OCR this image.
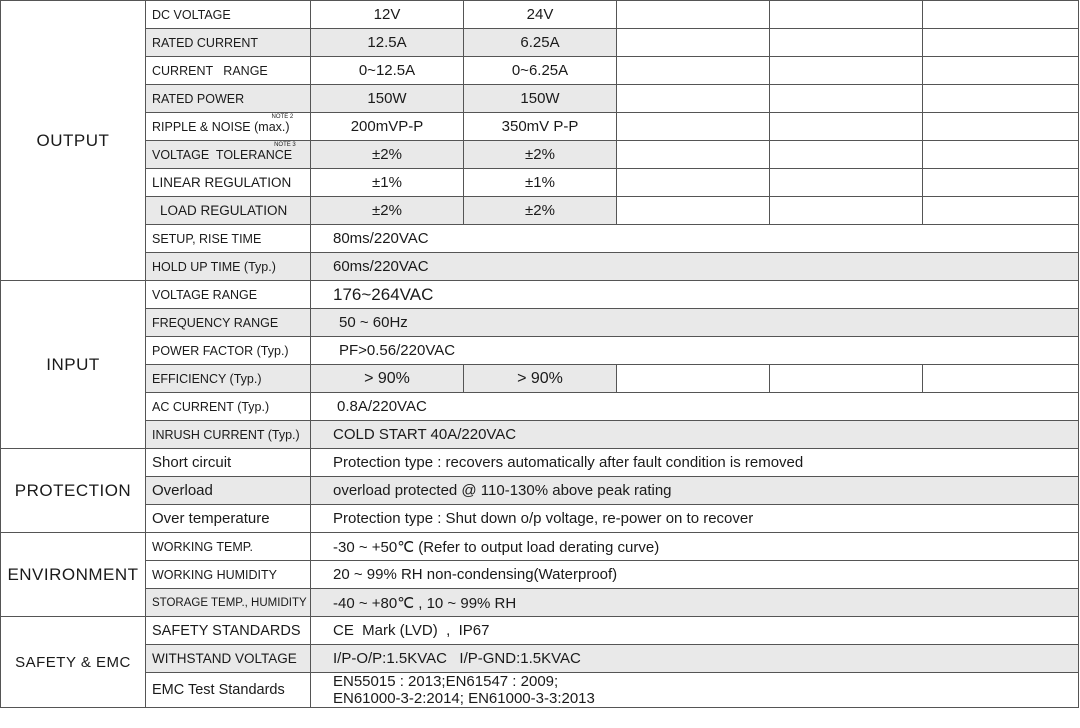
OUTPUT	DC VOLTAGE	12V	24V			
	RATED CURRENT	12.5A	6.25A			
	CURRENT   RANGE	0~12.5A	0~6.25A			
	RATED POWER	150W	150W			
	RIPPLE & NOISE (max.)$^{NOTE 2}$	200mVP-P	350mV P-P			
	VOLTAGE  TOLERANCE$^{NOTE 3}$	±2%	±2%			
	LINEAR REGULATION	±1%	±1%			
	LOAD REGULATION	±2%	±2%			
	SETUP, RISE TIME	80ms/220VAC				
	HOLD UP TIME (Typ.)	60ms/220VAC				
INPUT	VOLTAGE RANGE	176~264VAC				
	FREQUENCY RANGE	50 ~ 60Hz				
	POWER FACTOR (Typ.)	PF>0.56/220VAC				
	EFFICIENCY (Typ.)	> 90%	> 90%			
	AC CURRENT (Typ.)	0.8A/220VAC				
	INRUSH CURRENT (Typ.)	COLD START 40A/220VAC				
PROTECTION	Short circuit	Protection type : recovers automatically after fault condition is removed				
	Overload	overload protected @ 110-130% above peak rating				
	Over temperature	Protection type : Shut down o/p voltage, re-power on to recover				
ENVIRONMENT	WORKING TEMP.	-30 ~ +50℃ (Refer to output load derating curve)				
	WORKING HUMIDITY	20 ~ 99% RH non-condensing(Waterproof)				
	STORAGE TEMP., HUMIDITY	-40 ~ +80℃ , 10 ~ 99% RH				
SAFETY & EMC	SAFETY STANDARDS	CE  Mark (LVD)  ,  IP67				
	WITHSTAND VOLTAGE	I/P-O/P:1.5KVAC   I/P-GND:1.5KVAC				
	EMC Test Standards	EN55015 : 2013;EN61547 : 2009;
EN61000-3-2:2014; EN61000-3-3:2013				
